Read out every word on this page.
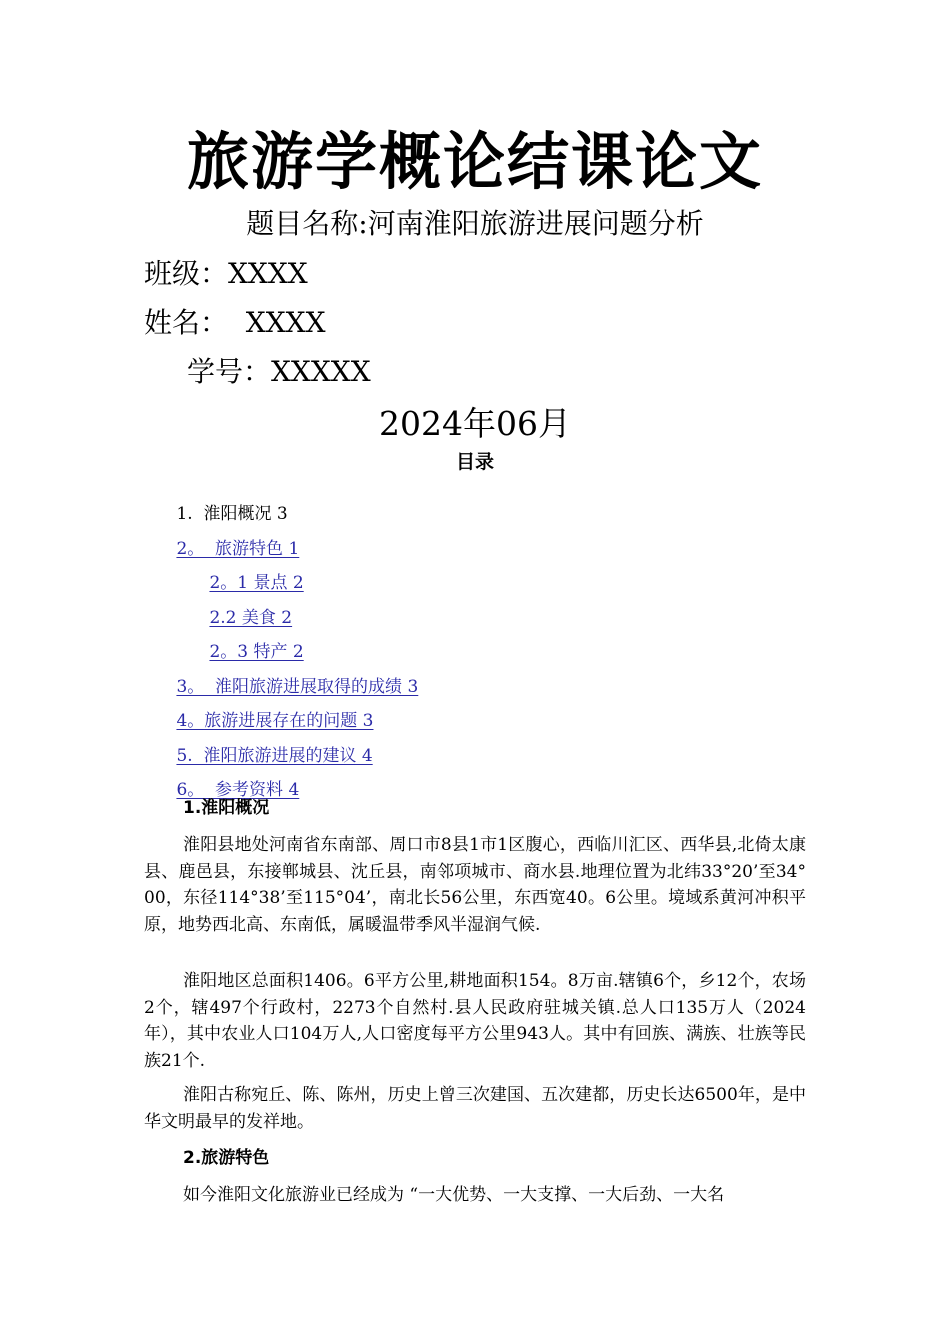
旅游学概论结课论文
题目名称:河南淮阳旅游进展问题分析
班级：XXXX
姓名：  XXXX
学号：XXXXX
2024年06月
目录

1.  淮阳概况 3

2。  旅游特色 1

2。1 景点 2

2.2 美食 2

2。3 特产 2

3。  淮阳旅游进展取得的成绩 3

4。旅游进展存在的问题 3

5.  淮阳旅游进展的建议 4

6。  参考资料 4

1.淮阳概况
淮阳县地处河南省东南部、周口市8县1市1区腹心，西临川汇区、西华县,北倚太康县、鹿邑县，东接郸城县、沈丘县，南邻项城市、商水县.地理位置为北纬33°20’至34°00，东径114°38’至115°04’，南北长56公里，东西宽40。6公里。境域系黄河冲积平原，地势西北高、东南低，属暖温带季风半湿润气候.
淮阳地区总面积1406。6平方公里,耕地面积154。8万亩.辖镇6个，乡12个，农场2个，辖497个行政村，2273个自然村.县人民政府驻城关镇.总人口135万人（2024年），其中农业人口104万人,人口密度每平方公里943人。其中有回族、满族、壮族等民族21个.
淮阳古称宛丘、陈、陈州，历史上曾三次建国、五次建都，历史长达6500年，是中华文明最早的发祥地。
2.旅游特色
如今淮阳文化旅游业已经成为 “一大优势、一大支撑、一大后劲、一大名
